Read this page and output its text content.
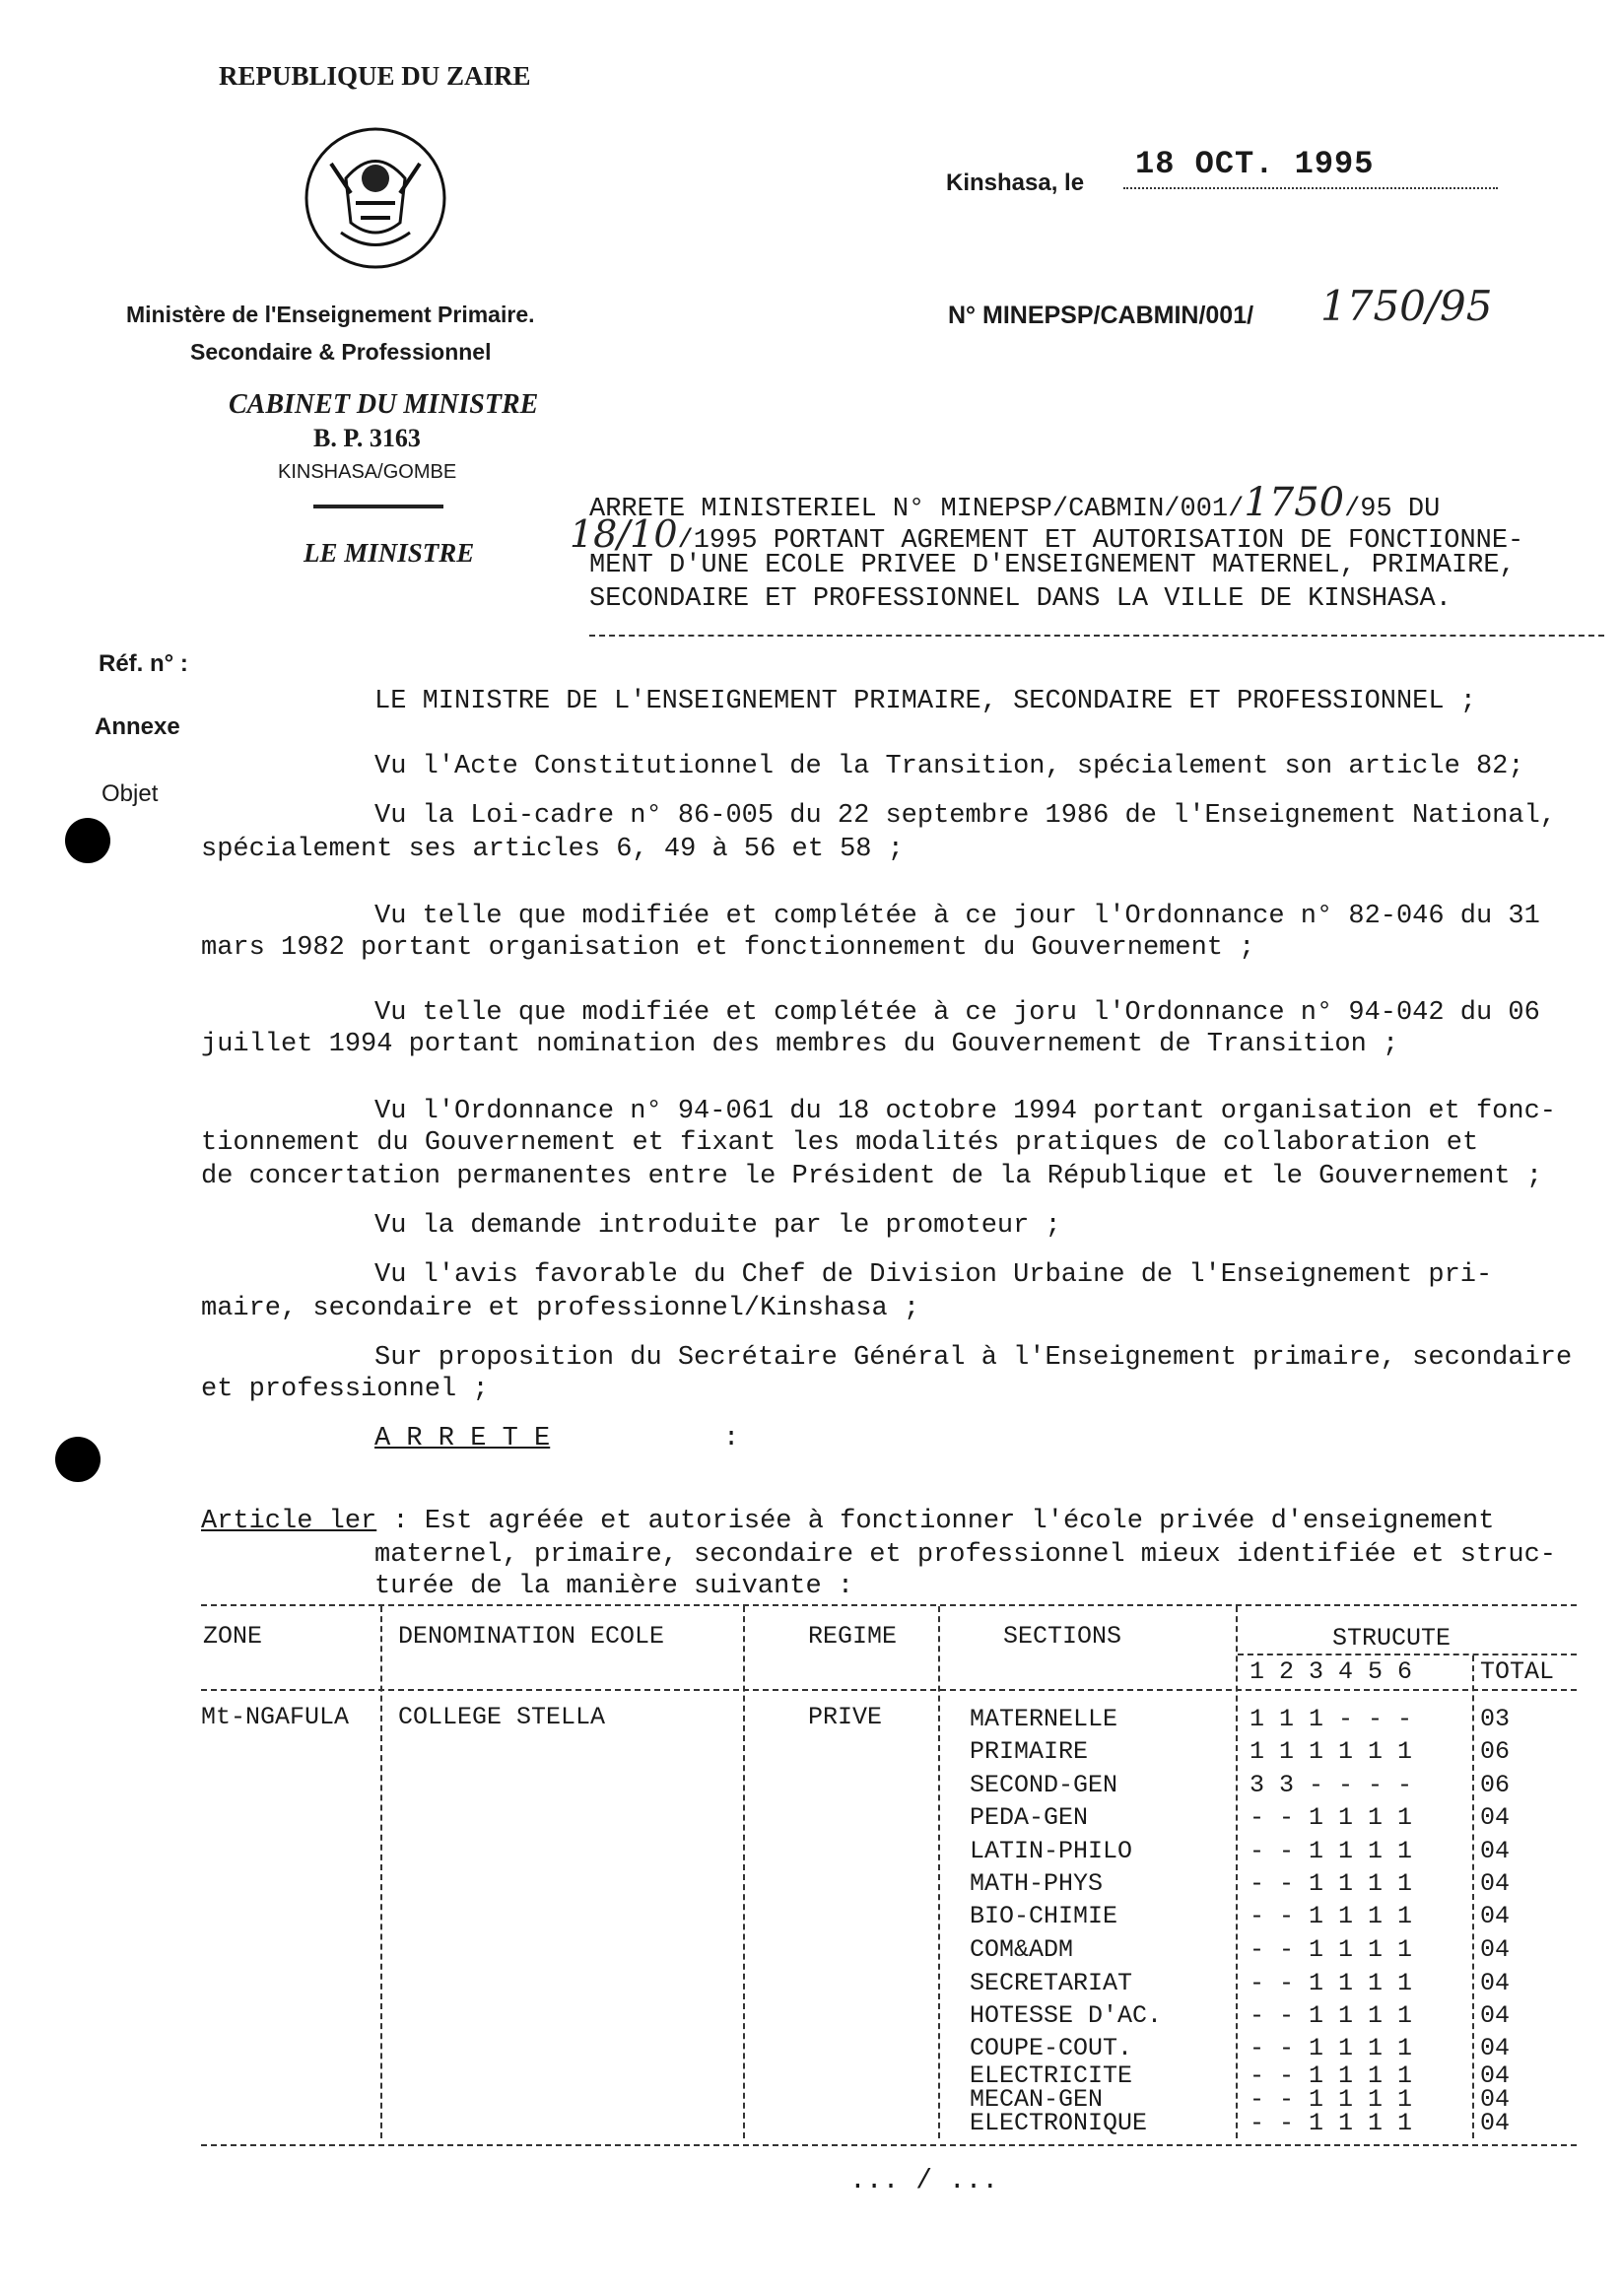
REPUBLIQUE DU ZAIRE
Ministère de l'Enseignement Primaire.
Secondaire & Professionnel
CABINET DU MINISTRE
B. P. 3163
KINSHASA/GOMBE
LE MINISTRE
Kinshasa, le
18 OCT. 1995
N° MINEPSP/CABMIN/001/ 1750/95
ARRETE MINISTERIEL N° MINEPSP/CABMIN/001/1750/95 DU
18/10/1995 PORTANT AGREMENT ET AUTORISATION DE FONCTIONNE-
MENT D'UNE ECOLE PRIVEE D'ENSEIGNEMENT MATERNEL, PRIMAIRE,
SECONDAIRE ET PROFESSIONNEL DANS LA VILLE DE KINSHASA.
Réf. n° :
Annexe
Objet
LE MINISTRE DE L'ENSEIGNEMENT PRIMAIRE, SECONDAIRE ET PROFESSIONNEL ;
Vu l'Acte Constitutionnel de la Transition, spécialement son article 82;
Vu la Loi-cadre n° 86-005 du 22 septembre 1986 de l'Enseignement National,
spécialement ses articles 6, 49 à 56 et 58 ;
Vu telle que modifiée et complétée à ce jour l'Ordonnance n° 82-046 du 31
mars 1982 portant organisation et fonctionnement du Gouvernement ;
Vu telle que modifiée et complétée à ce joru l'Ordonnance n° 94-042 du 06
juillet 1994 portant nomination des membres du Gouvernement de Transition ;
Vu l'Ordonnance n° 94-061 du 18 octobre 1994 portant organisation et fonc-
tionnement du Gouvernement et fixant les modalités pratiques de collaboration et
de concertation permanentes entre le Président de la République et le Gouvernement ;
Vu la demande introduite par le promoteur ;
Vu l'avis favorable du Chef de Division Urbaine de l'Enseignement pri-
maire, secondaire et professionnel/Kinshasa ;
Sur proposition du Secrétaire Général à l'Enseignement primaire, secondaire
et professionnel ;
A R R E T E	:
Article ler : Est agréée et autorisée à fonctionner l'école privée d'enseignement
maternel, primaire, secondaire et professionnel mieux identifiée et struc-
turée de la manière suivante :
ZONE	DENOMINATION ECOLE	REGIME	SECTIONS	STRUCUTE
1 2 3 4 5 6	TOTAL
Mt-NGAFULA COLLEGE STELLA	PRIVE	MATERNELLE	1 1 1 - - -	03
PRIMAIRE	1 1 1 1 1 1	06
SECOND-GEN	3 3 - - - -	06
PEDA-GEN	- - 1 1 1 1	04
LATIN-PHILO	- - 1 1 1 1	04
MATH-PHYS	- - 1 1 1 1	04
BIO-CHIMIE	- - 1 1 1 1	04
COM&ADM	- - 1 1 1 1	04
SECRETARIAT	- - 1 1 1 1	04
HOTESSE D'AC.	- - 1 1 1 1	04
COUPE-COUT.	- - 1 1 1 1	04
ELECTRICITE	- - 1 1 1 1	04
MECAN-GEN	- - 1 1 1 1	04
ELECTRONIQUE	- - 1 1 1 1	04
... / ...
